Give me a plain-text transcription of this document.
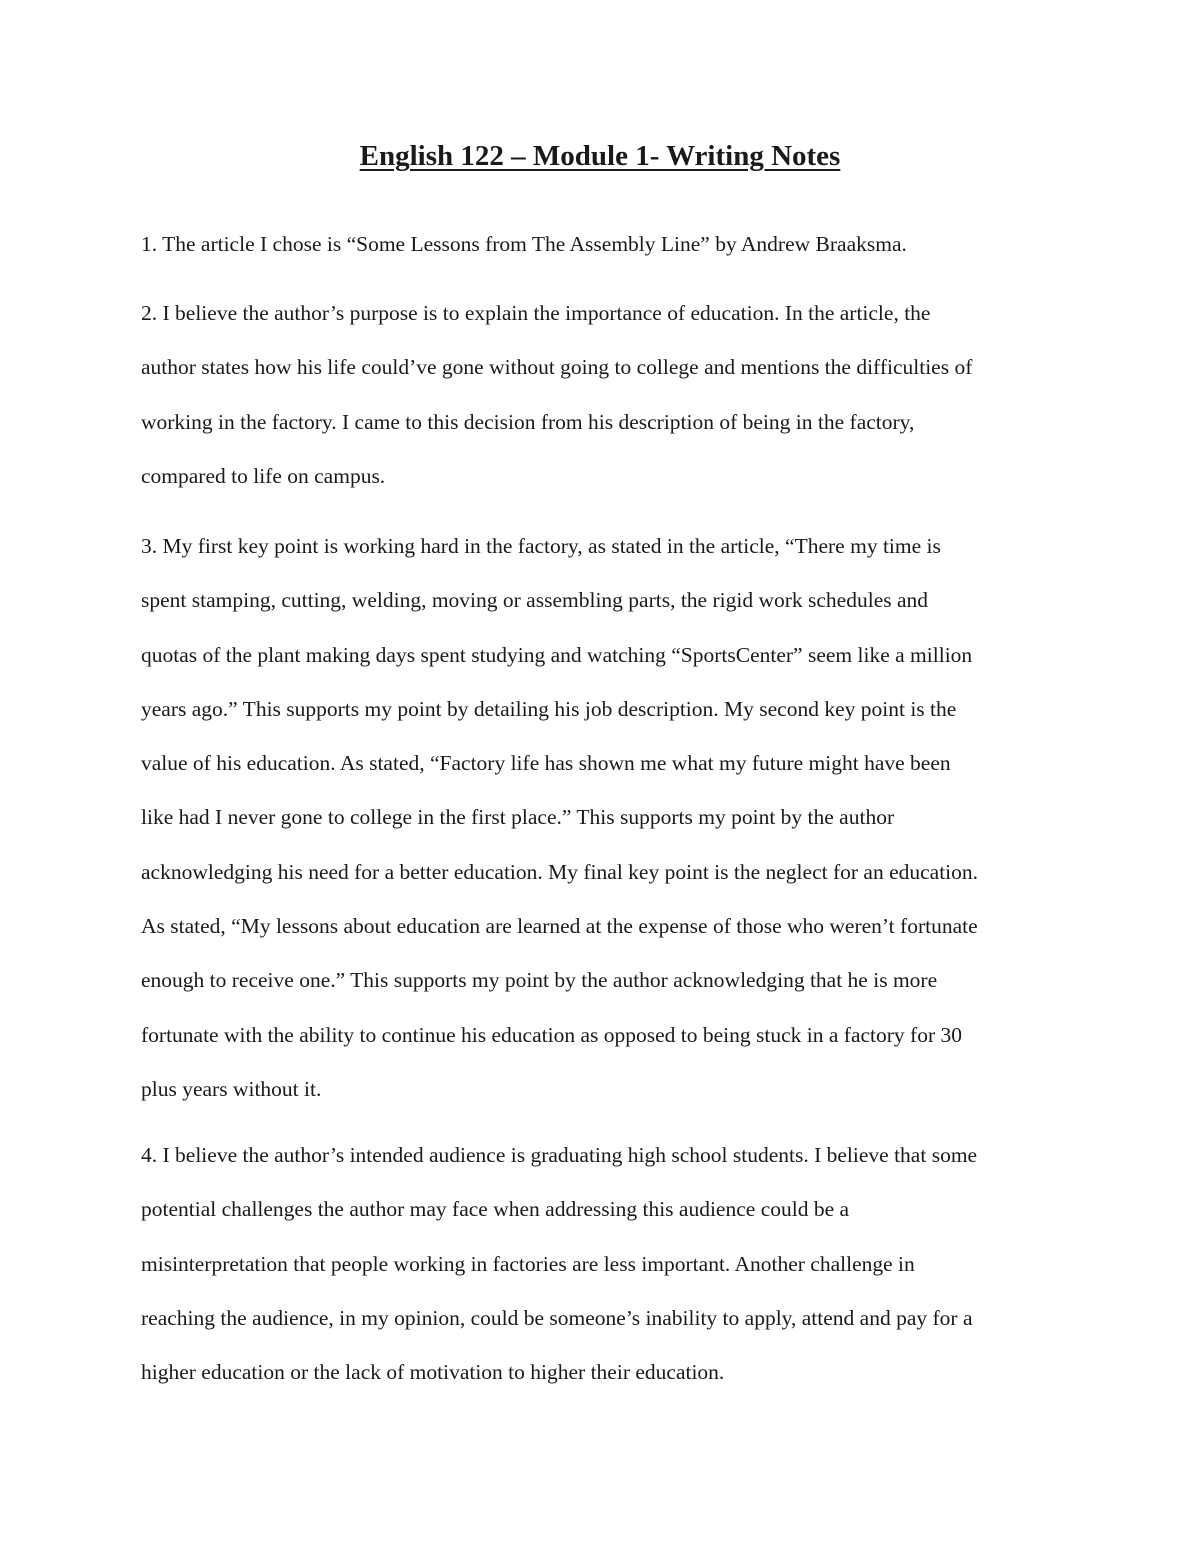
English 122 – Module 1- Writing Notes

1. The article I chose is “Some Lessons from The Assembly Line” by Andrew Braaksma.

2. I believe the author’s purpose is to explain the importance of education. In the article, the
author states how his life could’ve gone without going to college and mentions the difficulties of
working in the factory. I came to this decision from his description of being in the factory,
compared to life on campus.

3. My first key point is working hard in the factory, as stated in the article, “There my time is
spent stamping, cutting, welding, moving or assembling parts, the rigid work schedules and
quotas of the plant making days spent studying and watching “SportsCenter” seem like a million
years ago.” This supports my point by detailing his job description. My second key point is the
value of his education. As stated, “Factory life has shown me what my future might have been
like had I never gone to college in the first place.” This supports my point by the author
acknowledging his need for a better education. My final key point is the neglect for an education.
As stated, “My lessons about education are learned at the expense of those who weren’t fortunate
enough to receive one.” This supports my point by the author acknowledging that he is more
fortunate with the ability to continue his education as opposed to being stuck in a factory for 30
plus years without it.

4. I believe the author’s intended audience is graduating high school students. I believe that some
potential challenges the author may face when addressing this audience could be a
misinterpretation that people working in factories are less important. Another challenge in
reaching the audience, in my opinion, could be someone’s inability to apply, attend and pay for a
higher education or the lack of motivation to higher their education.
